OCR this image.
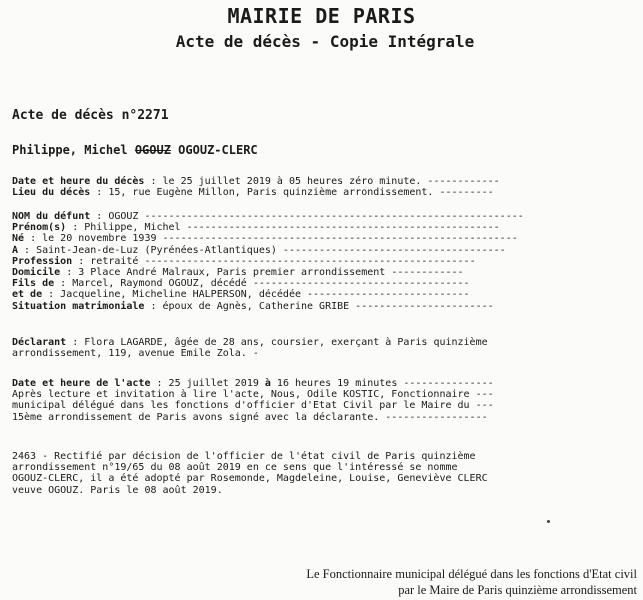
MAIRIE DE PARIS
Acte de décès - Copie Intégrale
Acte de décès n°2271
Philippe, Michel OGOUZ OGOUZ-CLERC
Date et heure du décès : le 25 juillet 2019 à 05 heures zéro minute. ------------
Lieu du décès : 15, rue Eugène Millon, Paris quinzième arrondissement. ---------
NOM du défunt : OGOUZ ---------------------------------------------------------------
Prénom(s) : Philippe, Michel ----------------------------------------------------
Né : le 20 novembre 1939 -----------------------------------------------------------
À : Saint-Jean-de-Luz (Pyrénées-Atlantiques) -------------------------------------
Profession : retraité -------------------------------------------------------
Domicile : 3 Place André Malraux, Paris premier arrondissement ------------
Fils de : Marcel, Raymond OGOUZ, décédé ------------------------------------
et de : Jacqueline, Micheline HALPERSON, décédée ---------------------------
Situation matrimoniale : époux de Agnès, Catherine GRIBE -----------------------
Déclarant : Flora LAGARDE, âgée de 28 ans, coursier, exerçant à Paris quinzième
arrondissement, 119, avenue Emile Zola. -
Date et heure de l'acte : 25 juillet 2019 à 16 heures 19 minutes ---------------
Après lecture et invitation à lire l'acte, Nous, Odile KOSTIC, Fonctionnaire ---
municipal délégué dans les fonctions d'officier d'Etat Civil par le Maire du ---
15ème arrondissement de Paris avons signé avec la déclarante. -----------------
2463 - Rectifié par décision de l'officier de l'état civil de Paris quinzième
arrondissement n°19/65 du 08 août 2019 en ce sens que l'intéressé se nomme
OGOUZ-CLERC, il a été adopté par Rosemonde, Magdeleine, Louise, Geneviève CLERC
veuve OGOUZ. Paris le 08 août 2019.
Le Fonctionnaire municipal délégué dans les fonctions d'Etat civil
par le Maire de Paris quinzième arrondissement
